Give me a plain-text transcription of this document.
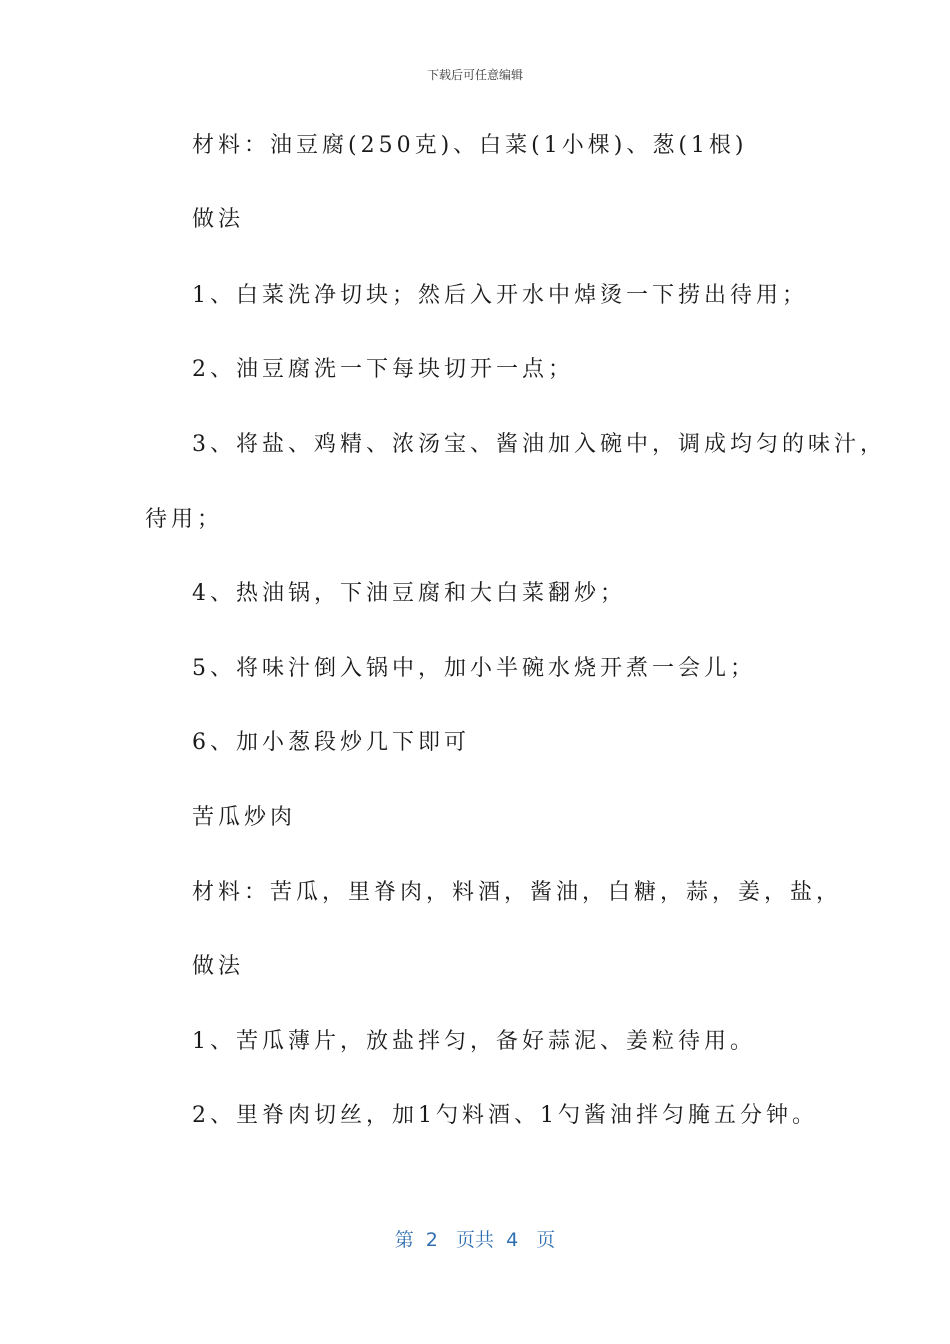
下载后可任意编辑
材料：油豆腐(250克)、白菜(1小棵)、葱(1根)
做法
1、白菜洗净切块；然后入开水中焯烫一下捞出待用；
2、油豆腐洗一下每块切开一点；
3、将盐、鸡精、浓汤宝、酱油加入碗中，调成均匀的味汁，
待用；
4、热油锅，下油豆腐和大白菜翻炒；
5、将味汁倒入锅中，加小半碗水烧开煮一会儿；
6、加小葱段炒几下即可
苦瓜炒肉
材料：苦瓜，里脊肉，料酒，酱油，白糖，蒜，姜，盐，
做法
1、苦瓜薄片，放盐拌匀，备好蒜泥、姜粒待用。
2、里脊肉切丝，加1勺料酒、1勺酱油拌匀腌五分钟。
第  2   页共  4   页
